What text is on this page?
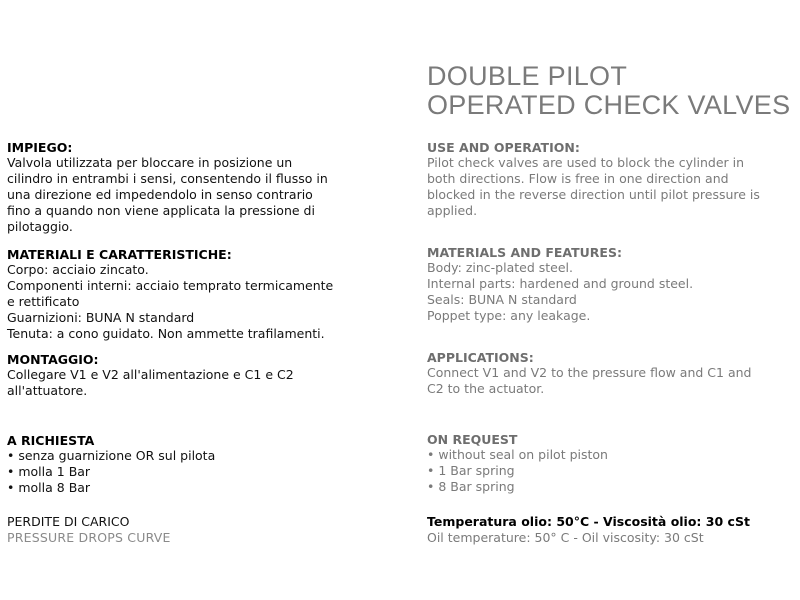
DOUBLE PILOT
OPERATED CHECK VALVES

IMPIEGO:

Valvola utilizzata per bloccare in posizione un

cilindro in entrambi i sensi, consentendo il flusso in

una direzione ed impedendolo in senso contrario

fino a quando non viene applicata la pressione di

pilotaggio.

MATERIALI E CARATTERISTICHE:

Corpo: acciaio zincato.

Componenti interni: acciaio temprato termicamente

e rettificato

Guarnizioni: BUNA N standard

Tenuta: a cono guidato. Non ammette trafilamenti.

MONTAGGIO:

Collegare V1 e V2 all'alimentazione e C1 e C2

all'attuatore.

A RICHIESTA

• senza guarnizione OR sul pilota
• molla 1 Bar
• molla 8 Bar

PERDITE DI CARICO

PRESSURE DROPS CURVE

USE AND OPERATION:

Pilot check valves are used to block the cylinder in

both directions. Flow is free in one direction and

blocked in the reverse direction until pilot pressure is

applied.

MATERIALS AND FEATURES:

Body: zinc-plated steel.

Internal parts: hardened and ground steel.

Seals: BUNA N standard

Poppet type: any leakage.

APPLICATIONS:

Connect V1 and V2 to the pressure flow and C1 and

C2 to the actuator.

ON REQUEST

• without seal on pilot piston
• 1 Bar spring
• 8 Bar spring

Temperatura olio: 50°C - Viscosità olio: 30 cSt

Oil temperature: 50° C - Oil viscosity: 30 cSt
